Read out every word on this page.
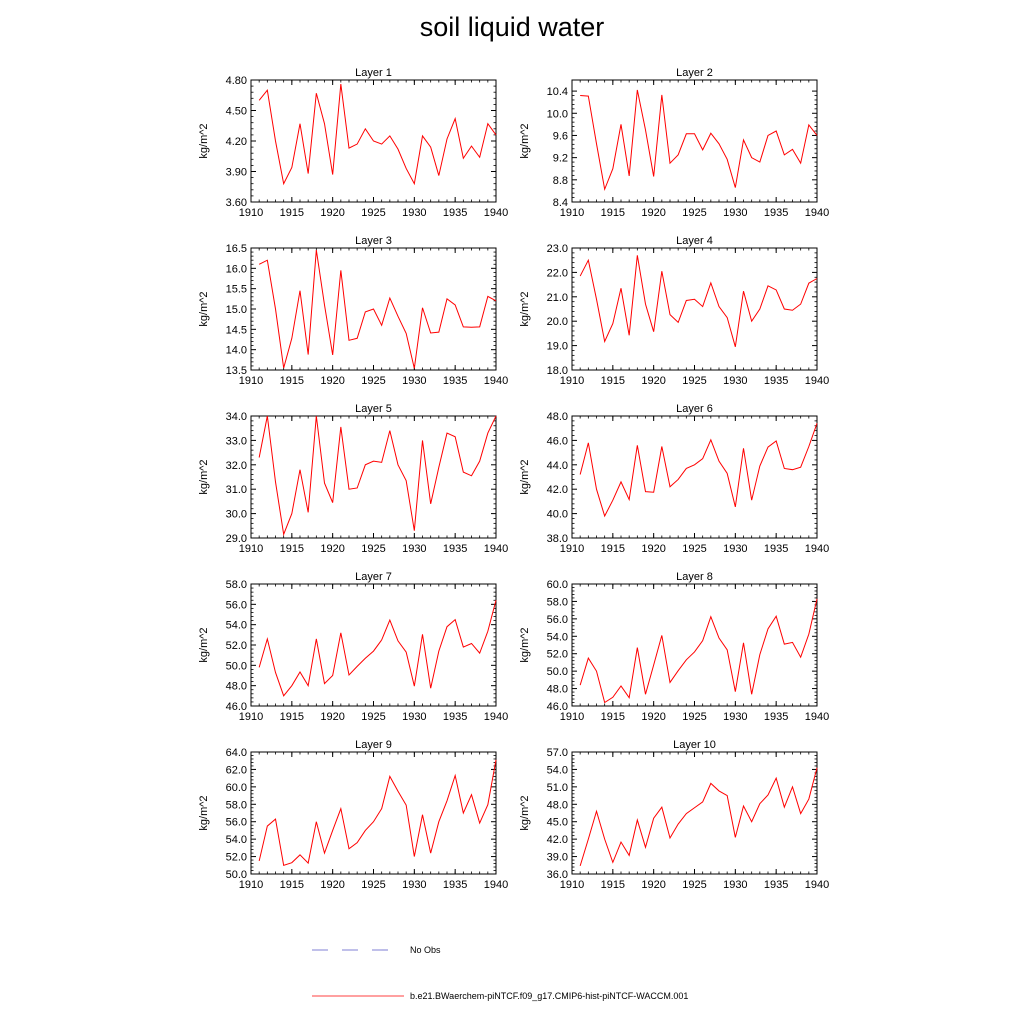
soil liquid water
Layer 1
1910 1915 1920 1925 1930 1935 1940
3.60
3.90
4.20
4.50
4.80
kg/m^2
Layer 2
1910 1915 1920 1925 1930 1935 1940
8.4
8.8
9.2
9.6
10.0
10.4
kg/m^2
Layer 3
1910 1915 1920 1925 1930 1935 1940
13.5
14.0
14.5
15.0
15.5
16.0
16.5
kg/m^2
Layer 4
1910 1915 1920 1925 1930 1935 1940
18.0
19.0
20.0
21.0
22.0
23.0
kg/m^2
Layer 5
1910 1915 1920 1925 1930 1935 1940
29.0
30.0
31.0
32.0
33.0
34.0
kg/m^2
Layer 6
1910 1915 1920 1925 1930 1935 1940
38.0
40.0
42.0
44.0
46.0
48.0
kg/m^2
Layer 7
1910 1915 1920 1925 1930 1935 1940
46.0
48.0
50.0
52.0
54.0
56.0
58.0
kg/m^2
Layer 8
1910 1915 1920 1925 1930 1935 1940
46.0
48.0
50.0
52.0
54.0
56.0
58.0
60.0
kg/m^2
Layer 9
1910 1915 1920 1925 1930 1935 1940
50.0
52.0
54.0
56.0
58.0
60.0
62.0
64.0
kg/m^2
Layer 10
1910 1915 1920 1925 1930 1935 1940
36.0
39.0
42.0
45.0
48.0
51.0
54.0
57.0
kg/m^2
No Obs
b.e21.BWaerchem-piNTCF.f09_g17.CMIP6-hist-piNTCF-WACCM.001
